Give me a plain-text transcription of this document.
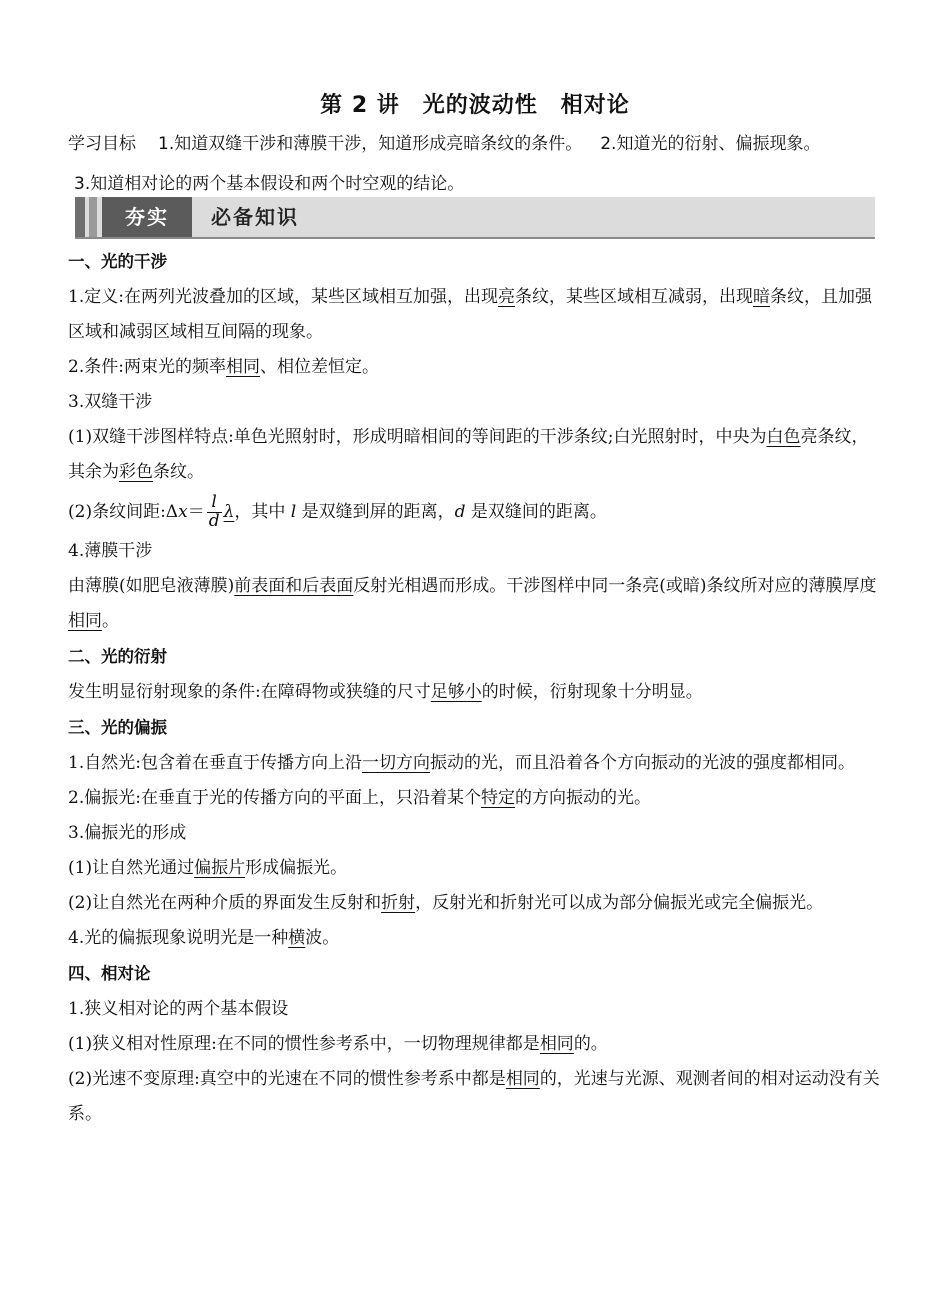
第 2 讲　光的波动性　相对论
学习目标 1.知道双缝干涉和薄膜干涉，知道形成亮暗条纹的条件。 2.知道光的衍射、偏振现象。
3.知道相对论的两个基本假设和两个时空观的结论。
夯实	必备知识
一、光的干涉

1.定义:在两列光波叠加的区域，某些区域相互加强，出现亮条纹，某些区域相互减弱，出现暗条纹，且加强区域和减弱区域相互间隔的现象。

2.条件:两束光的频率相同、相位差恒定。

3.双缝干涉

(1)双缝干涉图样特点:单色光照射时，形成明暗相间的等间距的干涉条纹;白光照射时，中央为白色亮条纹，其余为彩色条纹。

(2)条纹间距:Δx＝ $\frac{l}{d}$ λ，其中 l 是双缝到屏的距离，d 是双缝间的距离。

4.薄膜干涉

由薄膜(如肥皂液薄膜)前表面和后表面反射光相遇而形成。干涉图样中同一条亮(或暗)条纹所对应的薄膜厚度相同。

二、光的衍射

发生明显衍射现象的条件:在障碍物或狭缝的尺寸足够小的时候，衍射现象十分明显。

三、光的偏振

1.自然光:包含着在垂直于传播方向上沿一切方向振动的光，而且沿着各个方向振动的光波的强度都相同。

2.偏振光:在垂直于光的传播方向的平面上，只沿着某个特定的方向振动的光。

3.偏振光的形成

(1)让自然光通过偏振片形成偏振光。

(2)让自然光在两种介质的界面发生反射和折射，反射光和折射光可以成为部分偏振光或完全偏振光。

4.光的偏振现象说明光是一种横波。

四、相对论

1.狭义相对论的两个基本假设

(1)狭义相对性原理:在不同的惯性参考系中，一切物理规律都是相同的。

(2)光速不变原理:真空中的光速在不同的惯性参考系中都是相同的，光速与光源、观测者间的相对运动没有关系。
